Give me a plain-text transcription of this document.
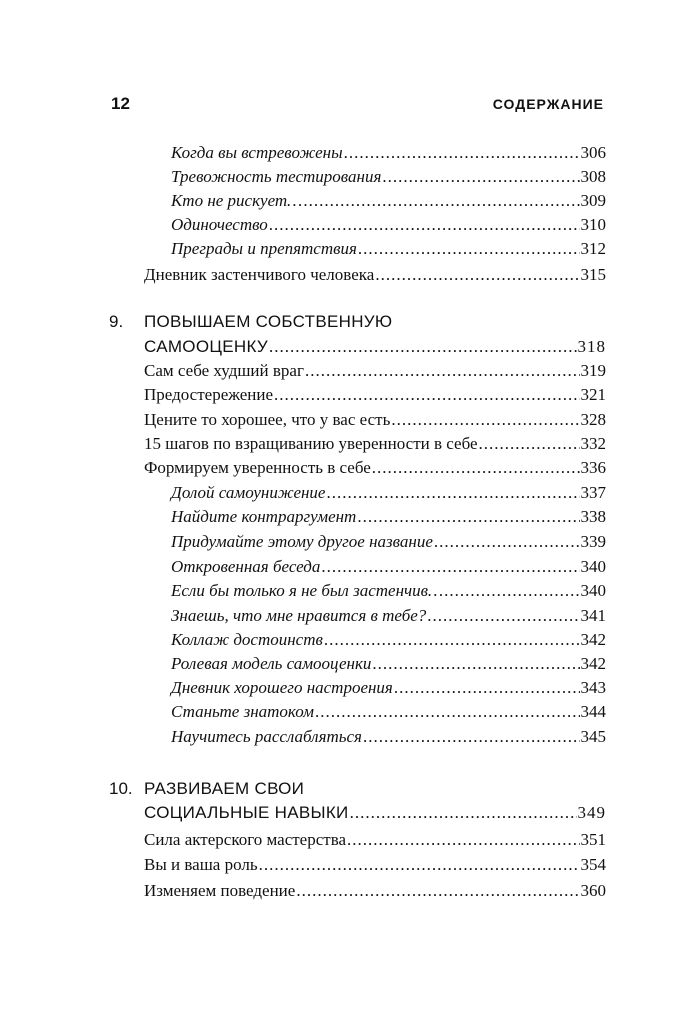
12	СОДЕРЖАНИЕ
Когда вы встревожены .....	306
Тревожность тестирования .....	308
Кто не рискует… .....	309
Одиночество .....	310
Преграды и препятствия .....	312
Дневник застенчивого человека .....	315
9. ПОВЫШАЕМ СОБСТВЕННУЮ
САМООЦЕНКУ .....	318
Сам себе худший враг .....	319
Предостережение .....	321
Цените то хорошее, что у вас есть .....	328
15 шагов по взращиванию уверенности в себе .....	332
Формируем уверенность в себе .....	336
Долой самоунижение .....	337
Найдите контраргумент .....	338
Придумайте этому другое название .....	339
Откровенная беседа .....	340
Если бы только я не был застенчив… .....	340
Знаешь, что мне нравится в тебе? .....	341
Коллаж достоинств .....	342
Ролевая модель самооценки .....	342
Дневник хорошего настроения .....	343
Станьте знатоком .....	344
Научитесь расслабляться .....	345
10. РАЗВИВАЕМ СВОИ
СОЦИАЛЬНЫЕ НАВЫКИ .....	349
Сила актерского мастерства .....	351
Вы и ваша роль .....	354
Изменяем поведение .....	360
